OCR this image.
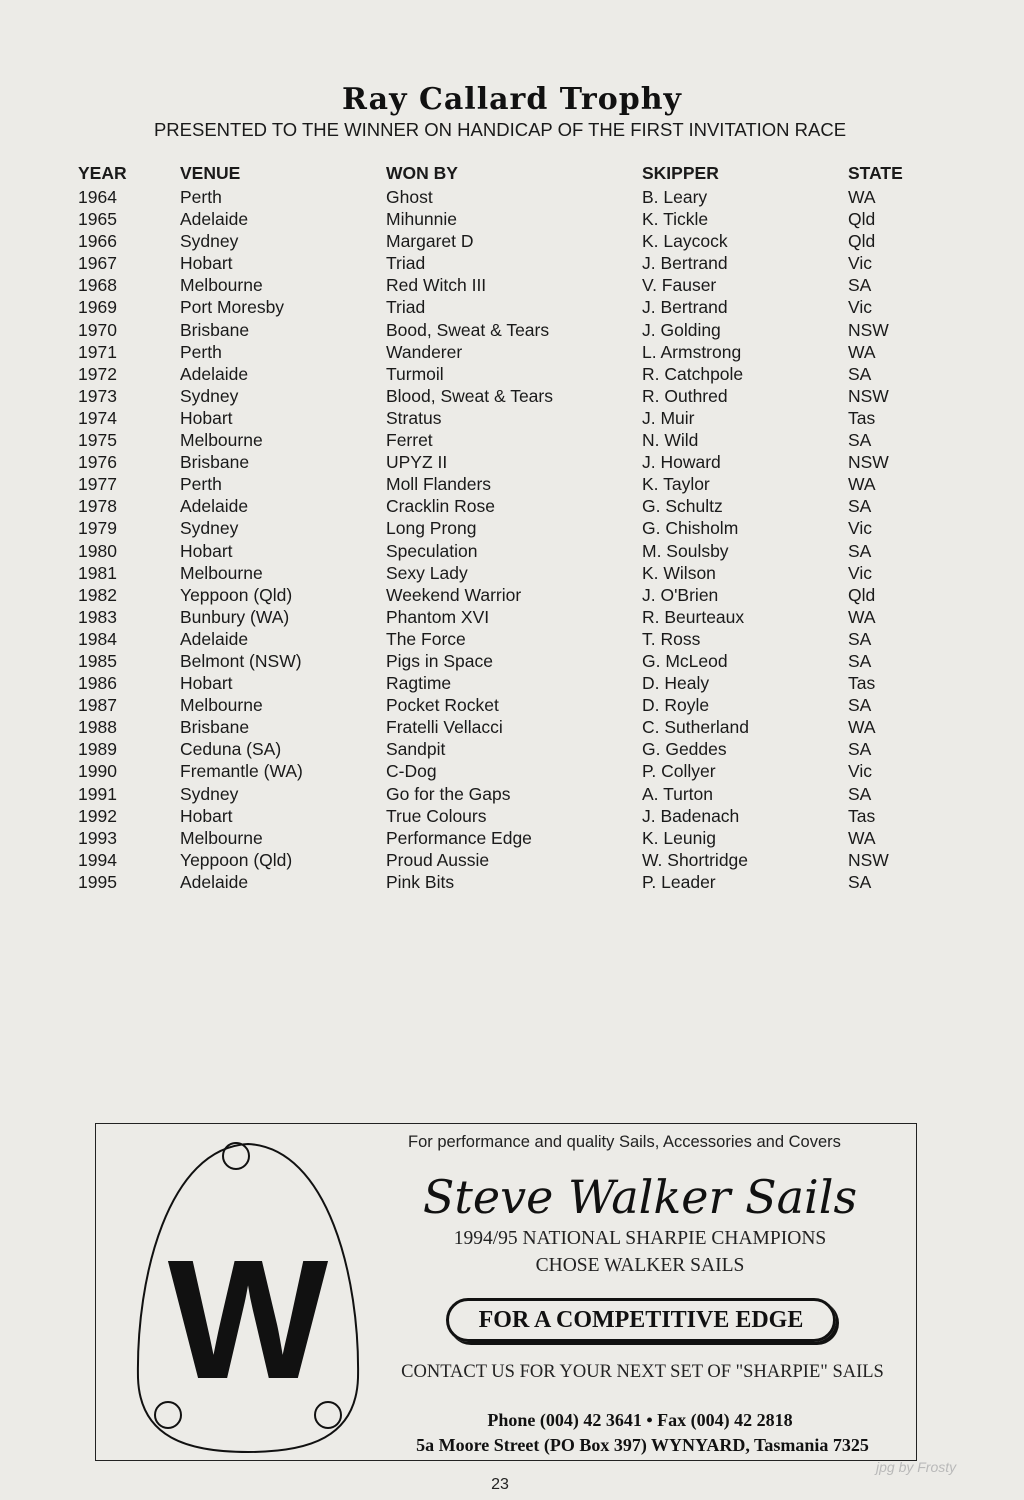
Ray Callard Trophy
PRESENTED TO THE WINNER ON HANDICAP OF THE FIRST INVITATION RACE
YEAR	VENUE	WON BY	SKIPPER	STATE
1964	Perth	Ghost	B. Leary	WA
1965	Adelaide	Mihunnie	K. Tickle	Qld
1966	Sydney	Margaret D	K. Laycock	Qld
1967	Hobart	Triad	J. Bertrand	Vic
1968	Melbourne	Red Witch III	V. Fauser	SA
1969	Port Moresby	Triad	J. Bertrand	Vic
1970	Brisbane	Bood, Sweat & Tears	J. Golding	NSW
1971	Perth	Wanderer	L. Armstrong	WA
1972	Adelaide	Turmoil	R. Catchpole	SA
1973	Sydney	Blood, Sweat & Tears	R. Outhred	NSW
1974	Hobart	Stratus	J. Muir	Tas
1975	Melbourne	Ferret	N. Wild	SA
1976	Brisbane	UPYZ II	J. Howard	NSW
1977	Perth	Moll Flanders	K. Taylor	WA
1978	Adelaide	Cracklin Rose	G. Schultz	SA
1979	Sydney	Long Prong	G. Chisholm	Vic
1980	Hobart	Speculation	M. Soulsby	SA
1981	Melbourne	Sexy Lady	K. Wilson	Vic
1982	Yeppoon (Qld)	Weekend Warrior	J. O'Brien	Qld
1983	Bunbury (WA)	Phantom XVI	R. Beurteaux	WA
1984	Adelaide	The Force	T. Ross	SA
1985	Belmont (NSW)	Pigs in Space	G. McLeod	SA
1986	Hobart	Ragtime	D. Healy	Tas
1987	Melbourne	Pocket Rocket	D. Royle	SA
1988	Brisbane	Fratelli Vellacci	C. Sutherland	WA
1989	Ceduna (SA)	Sandpit	G. Geddes	SA
1990	Fremantle (WA)	C-Dog	P. Collyer	Vic
1991	Sydney	Go for the Gaps	A. Turton	SA
1992	Hobart	True Colours	J. Badenach	Tas
1993	Melbourne	Performance Edge	K. Leunig	WA
1994	Yeppoon (Qld)	Proud Aussie	W. Shortridge	NSW
1995	Adelaide	Pink Bits	P. Leader	SA
W
For performance and quality Sails, Accessories and Covers
Steve Walker Sails
1994/95 NATIONAL SHARPIE CHAMPIONS
CHOSE WALKER SAILS
FOR A COMPETITIVE EDGE
CONTACT US FOR YOUR NEXT SET OF "SHARPIE" SAILS
Phone (004) 42 3641 • Fax (004) 42 2818
5a Moore Street (PO Box 397) WYNYARD, Tasmania 7325
23
jpg by Frosty
